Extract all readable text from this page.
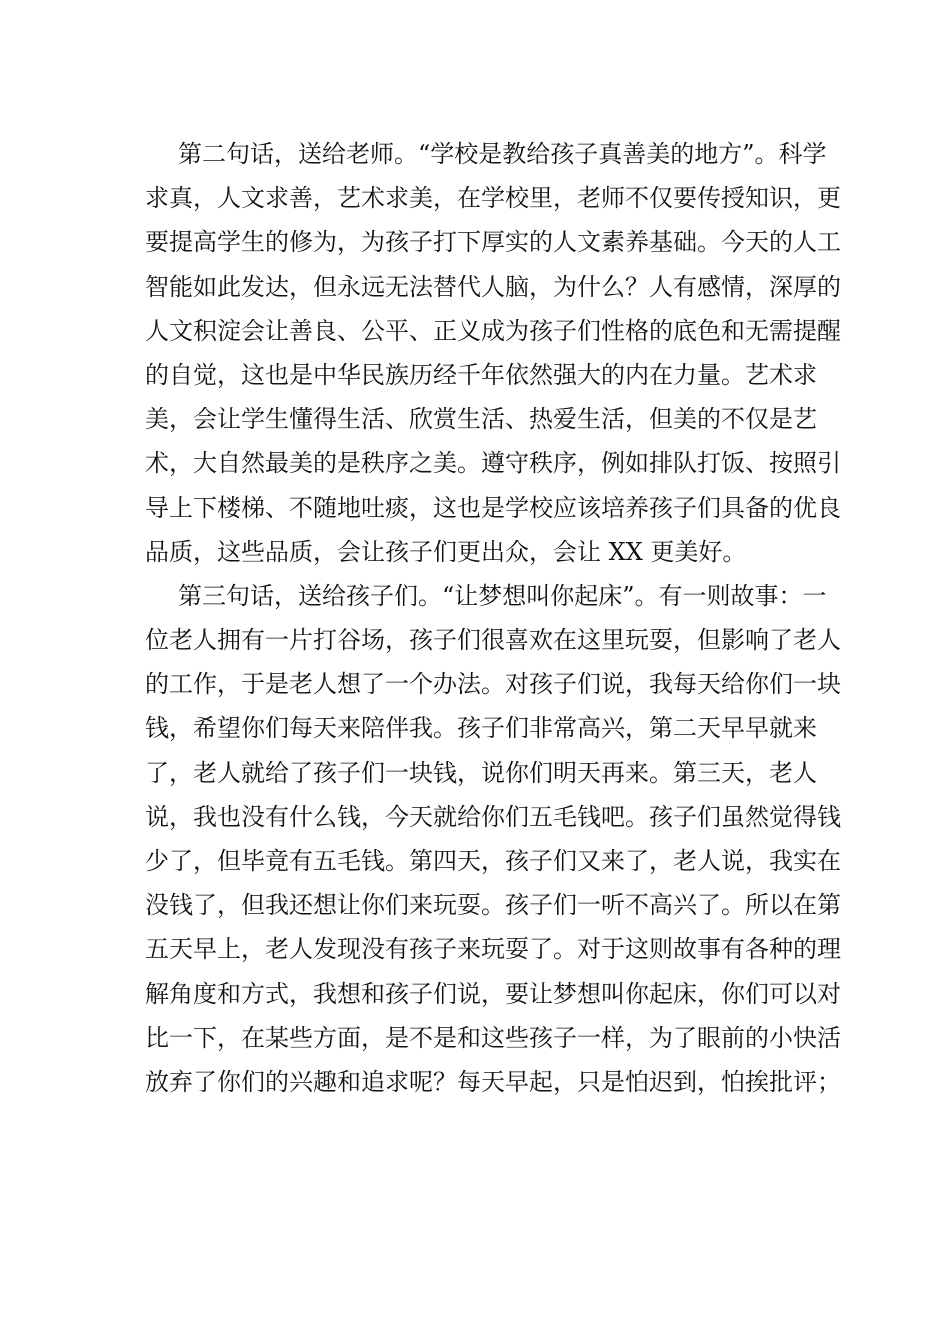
第二句话，送给老师。“学校是教给孩子真善美的地方”。科学
求真，人文求善，艺术求美，在学校里，老师不仅要传授知识，更
要提高学生的修为，为孩子打下厚实的人文素养基础。今天的人工
智能如此发达，但永远无法替代人脑，为什么？人有感情，深厚的
人文积淀会让善良、公平、正义成为孩子们性格的底色和无需提醒
的自觉，这也是中华民族历经千年依然强大的内在力量。艺术求
美，会让学生懂得生活、欣赏生活、热爱生活，但美的不仅是艺
术，大自然最美的是秩序之美。遵守秩序，例如排队打饭、按照引
导上下楼梯、不随地吐痰，这也是学校应该培养孩子们具备的优良
品质，这些品质，会让孩子们更出众，会让 XX 更美好。
第三句话，送给孩子们。“让梦想叫你起床”。有一则故事：一
位老人拥有一片打谷场，孩子们很喜欢在这里玩耍，但影响了老人
的工作，于是老人想了一个办法。对孩子们说，我每天给你们一块
钱，希望你们每天来陪伴我。孩子们非常高兴，第二天早早就来
了，老人就给了孩子们一块钱，说你们明天再来。第三天，老人
说，我也没有什么钱，今天就给你们五毛钱吧。孩子们虽然觉得钱
少了，但毕竟有五毛钱。第四天，孩子们又来了，老人说，我实在
没钱了，但我还想让你们来玩耍。孩子们一听不高兴了。所以在第
五天早上，老人发现没有孩子来玩耍了。对于这则故事有各种的理
解角度和方式，我想和孩子们说，要让梦想叫你起床，你们可以对
比一下，在某些方面，是不是和这些孩子一样，为了眼前的小快活
放弃了你们的兴趣和追求呢？每天早起，只是怕迟到，怕挨批评；
